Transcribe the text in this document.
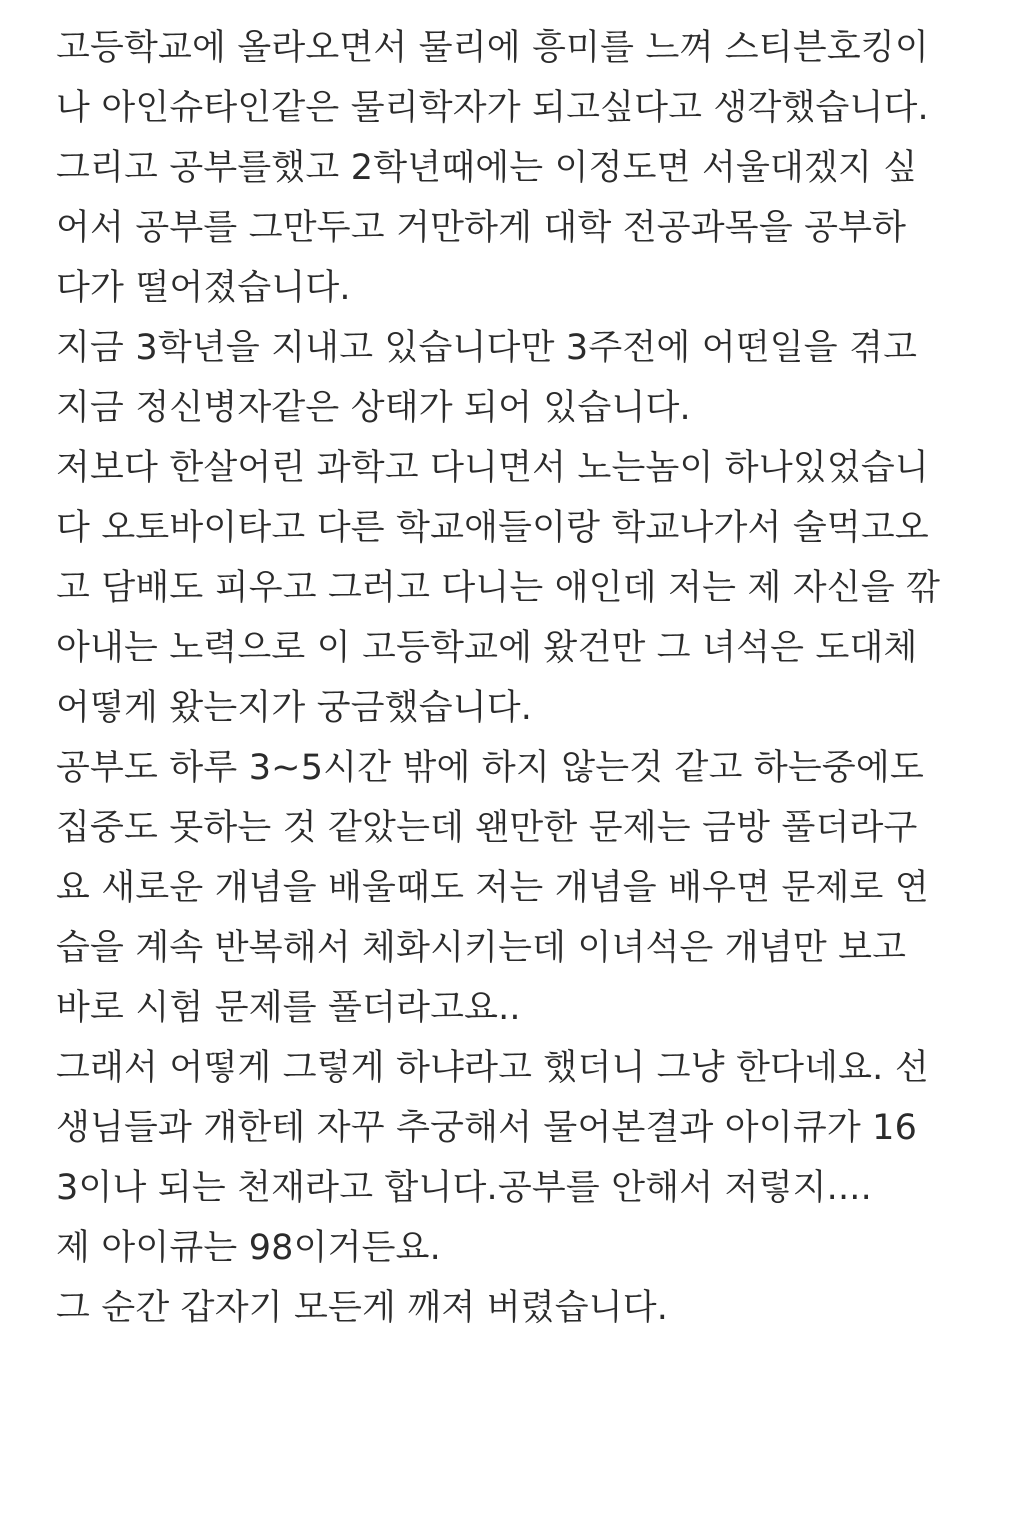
고등학교에 올라오면서 물리에 흥미를 느껴 스티븐호킹이
나 아인슈타인같은 물리학자가 되고싶다고 생각했습니다.
그리고 공부를했고 2학년때에는 이정도면 서울대겠지 싶
어서 공부를 그만두고 거만하게 대학 전공과목을 공부하
다가 떨어졌습니다.
지금 3학년을 지내고 있습니다만 3주전에 어떤일을 겪고
지금 정신병자같은 상태가 되어 있습니다.
저보다 한살어린 과학고 다니면서 노는놈이 하나있었습니
다 오토바이타고 다른 학교애들이랑 학교나가서 술먹고오
고 담배도 피우고 그러고 다니는 애인데 저는 제 자신을 깎
아내는 노력으로 이 고등학교에 왔건만 그 녀석은 도대체
어떻게 왔는지가 궁금했습니다.
공부도 하루 3~5시간 밖에 하지 않는것 같고 하는중에도
집중도 못하는 것 같았는데 왠만한 문제는 금방 풀더라구
요 새로운 개념을 배울때도 저는 개념을 배우면 문제로 연
습을 계속 반복해서 체화시키는데 이녀석은 개념만 보고
바로 시험 문제를 풀더라고요..
그래서 어떻게 그렇게 하냐라고 했더니 그냥 한다네요. 선
생님들과 걔한테 자꾸 추궁해서 물어본결과 아이큐가 16
3이나 되는 천재라고 합니다.공부를 안해서 저렇지....
제 아이큐는 98이거든요.
그 순간 갑자기 모든게 깨져 버렸습니다.
